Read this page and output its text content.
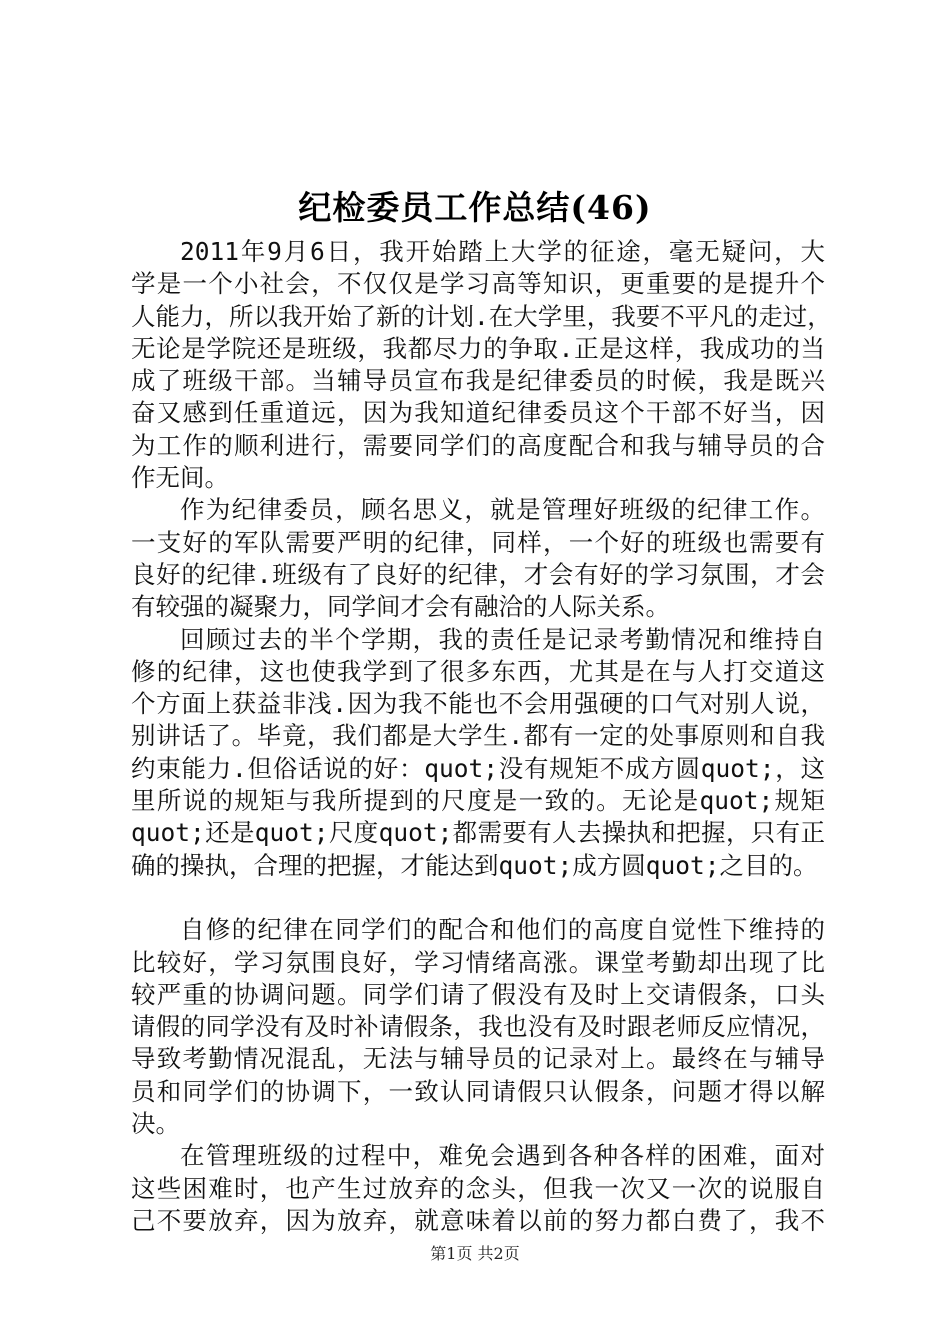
纪检委员工作总结(46)
2011年9月6日，我开始踏上大学的征途，毫无疑问，大
学是一个小社会，不仅仅是学习高等知识，更重要的是提升个
人能力，所以我开始了新的计划.在大学里，我要不平凡的走过，
无论是学院还是班级，我都尽力的争取.正是这样，我成功的当
成了班级干部。当辅导员宣布我是纪律委员的时候，我是既兴
奋又感到任重道远，因为我知道纪律委员这个干部不好当，因
为工作的顺利进行，需要同学们的高度配合和我与辅导员的合
作无间。
作为纪律委员，顾名思义，就是管理好班级的纪律工作。
一支好的军队需要严明的纪律，同样，一个好的班级也需要有
良好的纪律.班级有了良好的纪律，才会有好的学习氛围，才会
有较强的凝聚力，同学间才会有融洽的人际关系。
回顾过去的半个学期，我的责任是记录考勤情况和维持自
修的纪律，这也使我学到了很多东西，尤其是在与人打交道这
个方面上获益非浅.因为我不能也不会用强硬的口气对别人说，
别讲话了。毕竟，我们都是大学生.都有一定的处事原则和自我
约束能力.但俗话说的好：quot;没有规矩不成方圆quot;，这
里所说的规矩与我所提到的尺度是一致的。无论是quot;规矩
quot;还是quot;尺度quot;都需要有人去操执和把握，只有正
确的操执，合理的把握，才能达到quot;成方圆quot;之目的。
自修的纪律在同学们的配合和他们的高度自觉性下维持的
比较好，学习氛围良好，学习情绪高涨。课堂考勤却出现了比
较严重的协调问题。同学们请了假没有及时上交请假条，口头
请假的同学没有及时补请假条，我也没有及时跟老师反应情况，
导致考勤情况混乱，无法与辅导员的记录对上。最终在与辅导
员和同学们的协调下，一致认同请假只认假条，问题才得以解
决。
在管理班级的过程中，难免会遇到各种各样的困难，面对
这些困难时，也产生过放弃的念头，但我一次又一次的说服自
己不要放弃，因为放弃，就意味着以前的努力都白费了，我不
第1页 共2页
